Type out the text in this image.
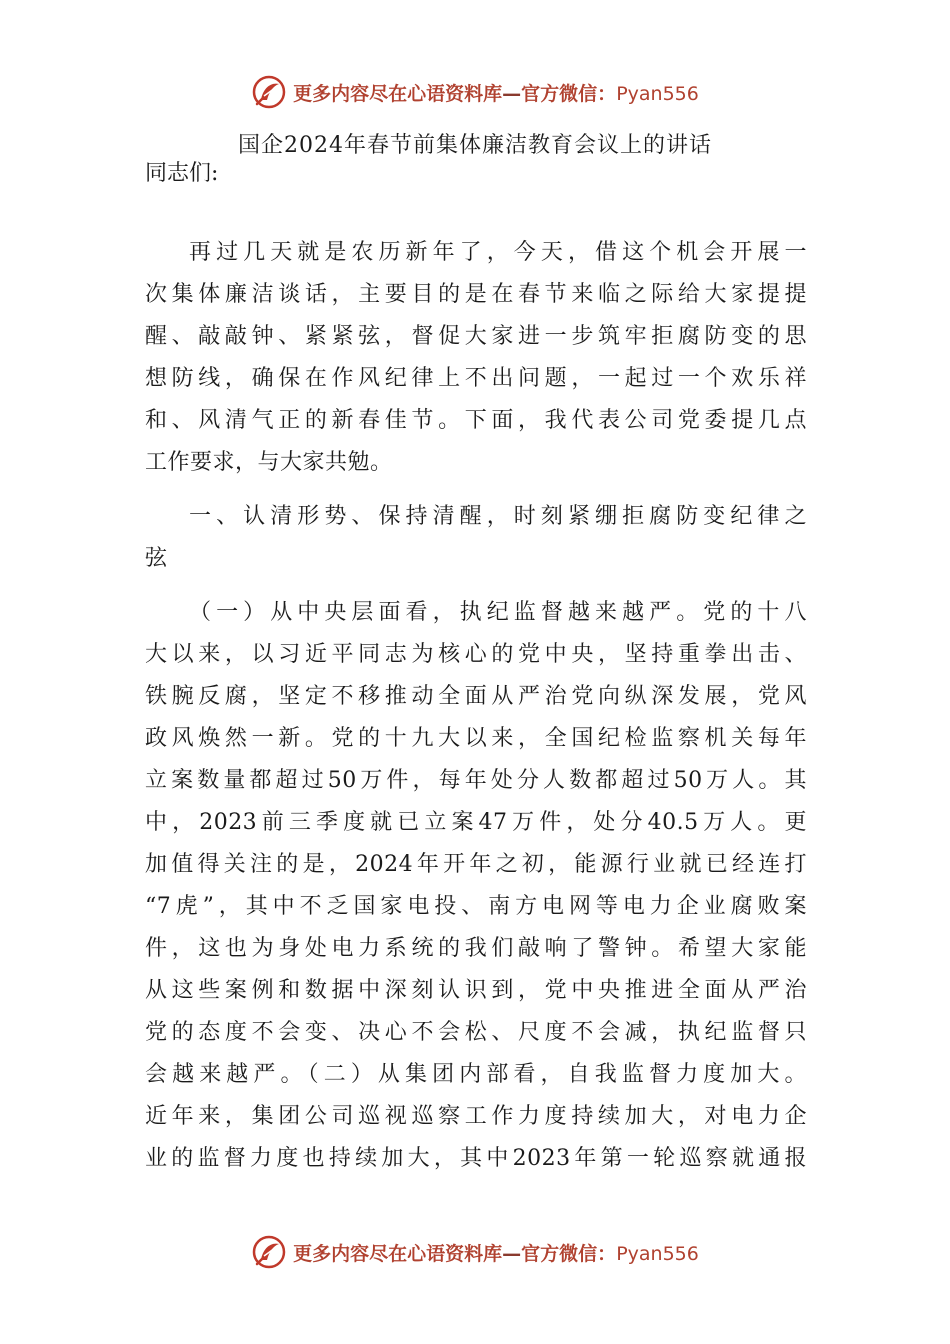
更多内容尽在心语资料库—官方微信：Pyan556
国企2024年春节前集体廉洁教育会议上的讲话
同志们:
再过几天就是农历新年了，今天，借这个机会开展一
次集体廉洁谈话，主要目的是在春节来临之际给大家提提
醒、敲敲钟、紧紧弦，督促大家进一步筑牢拒腐防变的思
想防线，确保在作风纪律上不出问题，一起过一个欢乐祥
和、风清气正的新春佳节。下面，我代表公司党委提几点
工作要求，与大家共勉。
一、认清形势、保持清醒，时刻紧绷拒腐防变纪律之
弦
（一）从中央层面看，执纪监督越来越严。党的十八
大以来，以习近平同志为核心的党中央，坚持重拳出击、
铁腕反腐，坚定不移推动全面从严治党向纵深发展，党风
政风焕然一新。党的十九大以来，全国纪检监察机关每年
立案数量都超过50万件，每年处分人数都超过50万人。其
中，2023前三季度就已立案47万件，处分40.5万人。更
加值得关注的是，2024年开年之初，能源行业就已经连打
“7虎”，其中不乏国家电投、南方电网等电力企业腐败案
件，这也为身处电力系统的我们敲响了警钟。希望大家能
从这些案例和数据中深刻认识到，党中央推进全面从严治
党的态度不会变、决心不会松、尺度不会减，执纪监督只
会越来越严。（二）从集团内部看，自我监督力度加大。
近年来，集团公司巡视巡察工作力度持续加大，对电力企
业的监督力度也持续加大，其中2023年第一轮巡察就通报
更多内容尽在心语资料库—官方微信：Pyan556
